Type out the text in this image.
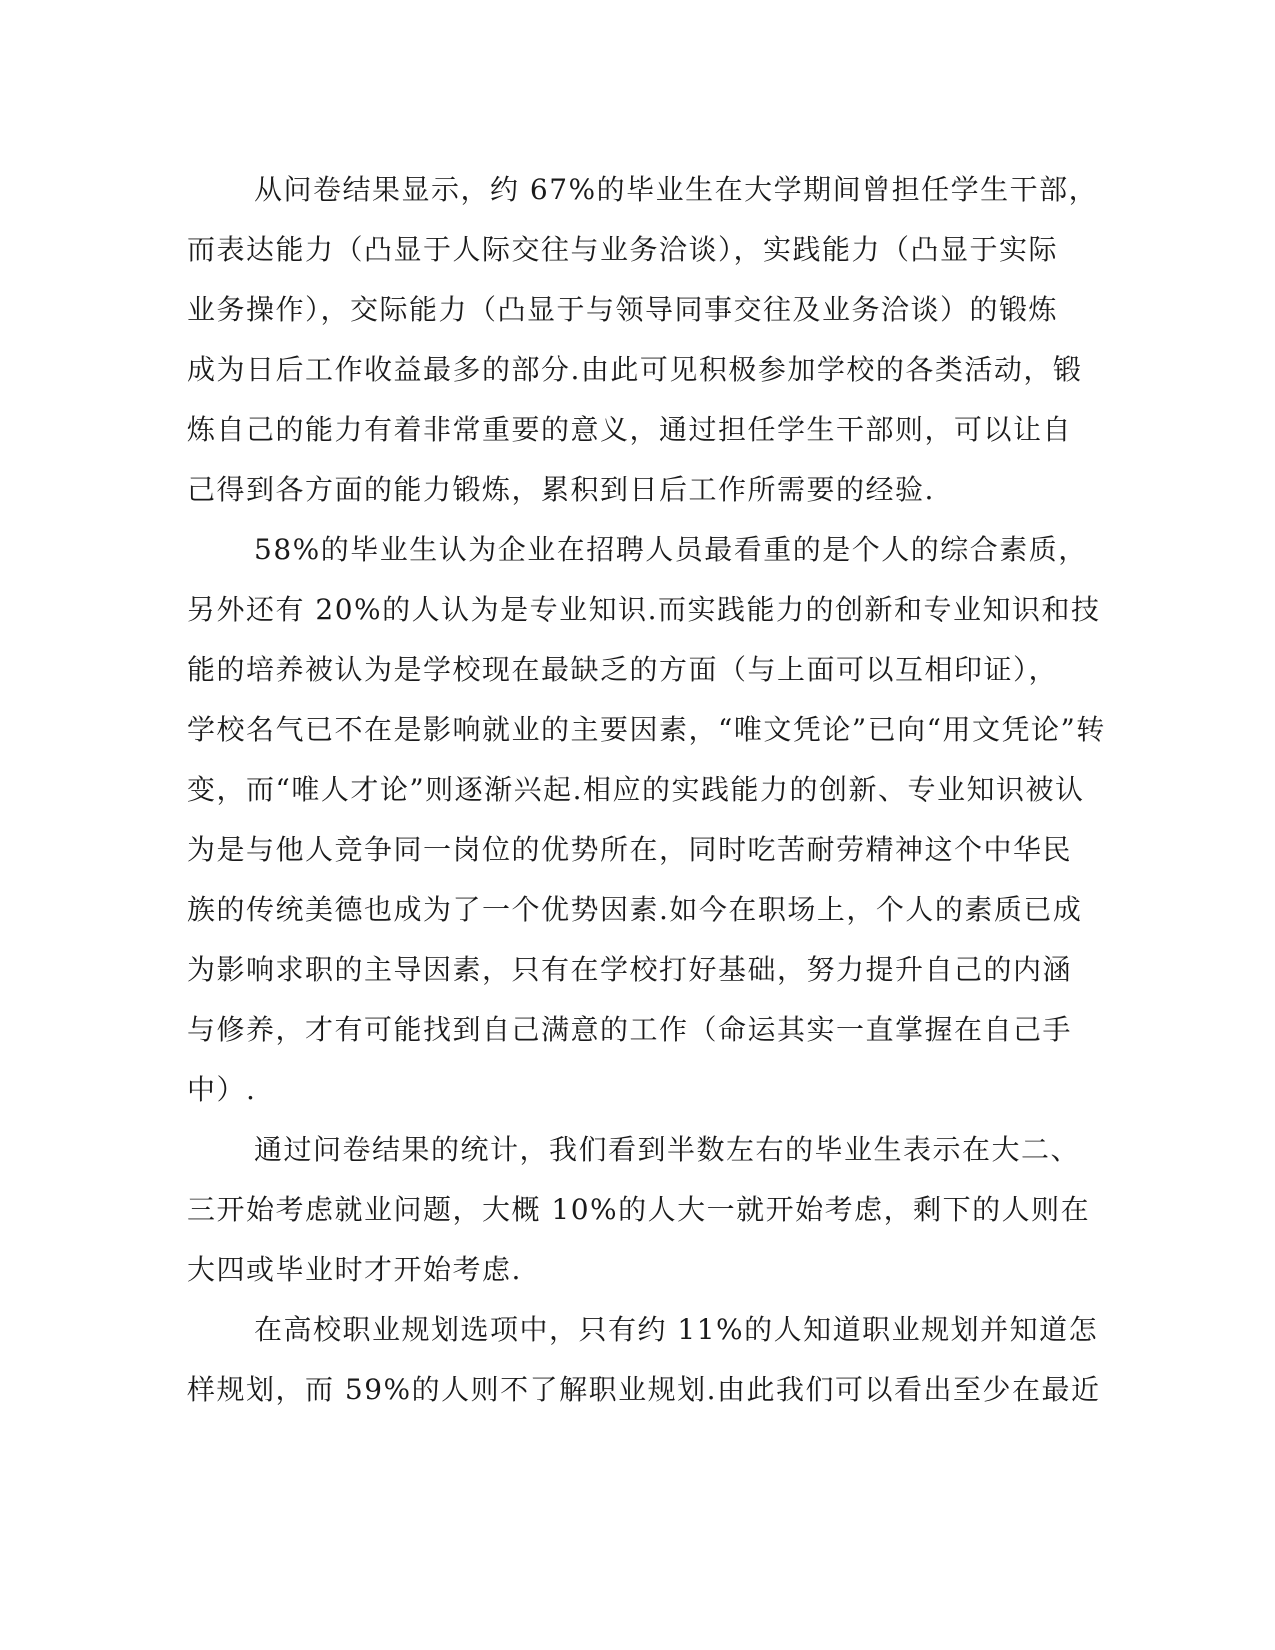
从问卷结果显示，约 67%的毕业生在大学期间曾担任学生干部，
而表达能力（凸显于人际交往与业务洽谈），实践能力（凸显于实际
业务操作），交际能力（凸显于与领导同事交往及业务洽谈）的锻炼
成为日后工作收益最多的部分.由此可见积极参加学校的各类活动，锻
炼自己的能力有着非常重要的意义，通过担任学生干部则，可以让自
己得到各方面的能力锻炼，累积到日后工作所需要的经验.
58%的毕业生认为企业在招聘人员最看重的是个人的综合素质，
另外还有 20%的人认为是专业知识.而实践能力的创新和专业知识和技
能的培养被认为是学校现在最缺乏的方面（与上面可以互相印证），
学校名气已不在是影响就业的主要因素，“唯文凭论”已向“用文凭论”转
变，而“唯人才论”则逐渐兴起.相应的实践能力的创新、专业知识被认
为是与他人竞争同一岗位的优势所在，同时吃苦耐劳精神这个中华民
族的传统美德也成为了一个优势因素.如今在职场上，个人的素质已成
为影响求职的主导因素，只有在学校打好基础，努力提升自己的内涵
与修养，才有可能找到自己满意的工作（命运其实一直掌握在自己手
中）.
通过问卷结果的统计，我们看到半数左右的毕业生表示在大二、
三开始考虑就业问题，大概 10%的人大一就开始考虑，剩下的人则在
大四或毕业时才开始考虑.
在高校职业规划选项中，只有约 11%的人知道职业规划并知道怎
样规划，而 59%的人则不了解职业规划.由此我们可以看出至少在最近
